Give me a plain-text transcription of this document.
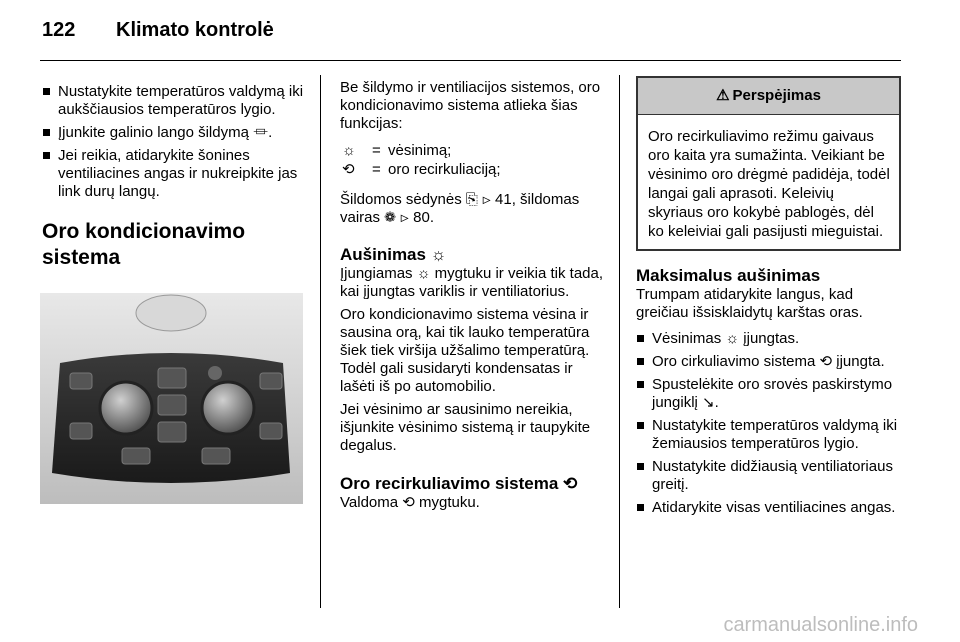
122 Klimato kontrolė
Nustatykite temperatūros valdymą iki aukščiausios temperatūros lygio.
Įjunkite galinio lango šildymą ⏛.
Jei reikia, atidarykite šonines ventiliacines angas ir nukreipkite jas link durų langų.
Oro kondicionavimo
sistema

Be šildymo ir ventiliacijos sistemos, oro kondicionavimo sistema atlieka šias funkcijas:

☼	= vėsinimą;
⟲	= oro recirkuliaciją;

Šildomos sėdynės ⎘ ⊳ 41, šildomas vairas ❁ ⊳ 80.

Aušinimas ☼

Įjungiamas ☼ mygtuku ir veikia tik tada, kai įjungtas variklis ir ventiliatorius.

Oro kondicionavimo sistema vėsina ir sausina orą, kai tik lauko temperatūra šiek tiek viršija užšalimo temperatūrą. Todėl gali susidaryti kondensatas ir lašėti iš po automobilio.

Jei vėsinimo ar sausinimo nereikia, išjunkite vėsinimo sistemą ir taupykite degalus.

Oro recirkuliavimo sistema ⟲

Valdoma ⟲ mygtuku.

⚠ Perspėjimas
Oro recirkuliavimo režimu gaivaus oro kaita yra sumažinta. Veikiant be vėsinimo oro drėgmė padidėja, todėl langai gali aprasoti. Keleivių skyriaus oro kokybė pablogės, dėl ko keleiviai gali pasijusti mieguistai.
Maksimalus aušinimas

Trumpam atidarykite langus, kad greičiau išsisklaidytų karštas oras.

Vėsinimas ☼ įjungtas.
Oro cirkuliavimo sistema ⟲ įjungta.
Spustelėkite oro srovės paskirstymo jungiklį ↘.
Nustatykite temperatūros valdymą iki žemiausios temperatūros lygio.
Nustatykite didžiausią ventiliatoriaus greitį.
Atidarykite visas ventiliacines angas.
carmanualsonline.info
